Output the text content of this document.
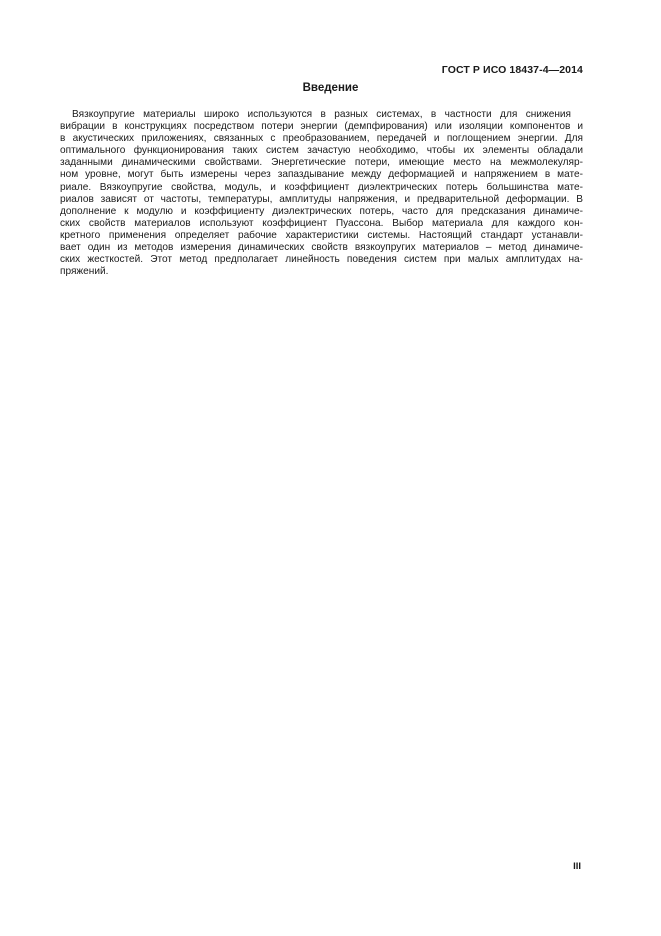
ГОСТ Р ИСО 18437-4—2014
Введение
Вязкоупругие материалы широко используются в разных системах, в частности для снижения
вибрации в конструкциях посредством потери энергии (демпфирования) или изоляции компонентов и
в акустических приложениях, связанных с преобразованием, передачей и поглощением энергии. Для
оптимального функционирования таких систем зачастую необходимо, чтобы их элементы обладали
заданными динамическими свойствами. Энергетические потери, имеющие место на межмолекуляр-
ном уровне, могут быть измерены через запаздывание между деформацией и напряжением в мате-
риале. Вязкоупругие свойства, модуль, и коэффициент диэлектрических потерь большинства мате-
риалов зависят от частоты, температуры, амплитуды напряжения, и предварительной деформации. В
дополнение к модулю и коэффициенту диэлектрических потерь, часто для предсказания динамиче-
ских свойств материалов используют коэффициент Пуассона. Выбор материала для каждого кон-
кретного применения определяет рабочие характеристики системы. Настоящий стандарт устанавли-
вает один из методов измерения динамических свойств вязкоупругих материалов – метод динамиче-
ских жесткостей. Этот метод предполагает линейность поведения систем при малых амплитудах на-
пряжений.
III
